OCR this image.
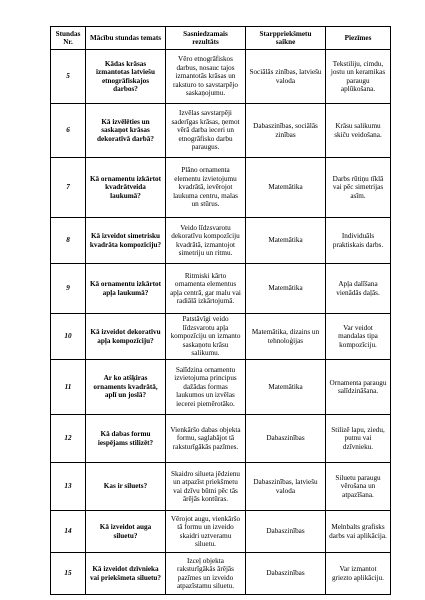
Stundas Nr.	Mācību stundas temats	Sasniedzamais rezultāts	Starppriekšmetu saikne	Piezīmes
5	Kādas krāsas izmantotas latviešu etnogrāfiskajos darbos?	Vēro etnogrāfiskos darbus, nosauc tajos izmantotās krāsas un raksturo to savstarpējo saskaņojumu.	Sociālās zinības, latviešu valoda	Tekstiliju, cimdu, jostu un keramikas paraugu aplūkošana.
6	Kā izvēlēties un saskaņot krāsas dekoratīvā darbā?	Izvēlas savstarpēji saderīgas krāsas, ņemot vērā darba ieceri un etnogrāfisko darbu paraugus.	Dabaszinības, sociālās zinības	Krāsu salikumu skiču veidošana.
7	Kā ornamentu izkārtot kvadrātveida laukumā?	Plāno ornamenta elementu izvietojumu kvadrātā, ievērojot laukuma centru, malas un stūrus.	Matemātika	Darbs rūtiņu tīklā vai pēc simetrijas asīm.
8	Kā izveidot simetrisku kvadrāta kompozīciju?	Veido līdzsvarotu dekoratīvu kompozīciju kvadrātā, izmantojot simetriju un ritmu.	Matemātika	Individuāls praktiskais darbs.
9	Kā ornamentu izkārtot apļa laukumā?	Ritmiski kārto ornamenta elementus apļa centrā, gar malu vai radiālā izkārtojumā.	Matemātika	Apļa dalīšana vienādās daļās.
10	Kā izveidot dekoratīvu apļa kompozīciju?	Patstāvīgi veido līdzsvarotu apļa kompozīciju un izmanto saskaņotu krāsu salikumu.	Matemātika, dizains un tehnoloģijas	Var veidot mandalas tipa kompozīciju.
11	Ar ko atšķiras ornaments kvadrātā, aplī un joslā?	Salīdzina ornamentu izvietojuma principus dažādas formas laukumos un izvēlas iecerei piemērotāko.	Matemātika	Ornamenta paraugu salīdzināšana.
12	Kā dabas formu iespējams stilizēt?	Vienkāršo dabas objekta formu, saglabājot tā raksturīgākās pazīmes.	Dabaszinības	Stilizē lapu, ziedu, putnu vai dzīvnieku.
13	Kas ir siluets?	Skaidro silueta jēdzienu un atpazīst priekšmetu vai dzīvu būtni pēc tās ārējās kontūras.	Dabaszinības, latviešu valoda	Siluetu paraugu vērošana un atpazīšana.
14	Kā izveidot auga siluetu?	Vērojot augu, vienkāršo tā formu un izveido skaidri uztveramu siluetu.	Dabaszinības	Melnbalts grafisks darbs vai aplikācija.
15	Kā izveidot dzīvnieka vai priekšmeta siluetu?	Izceļ objekta raksturīgākās ārējās pazīmes un izveido atpazīstamu siluetu.	Dabaszinības	Var izmantot griezto aplikāciju.
